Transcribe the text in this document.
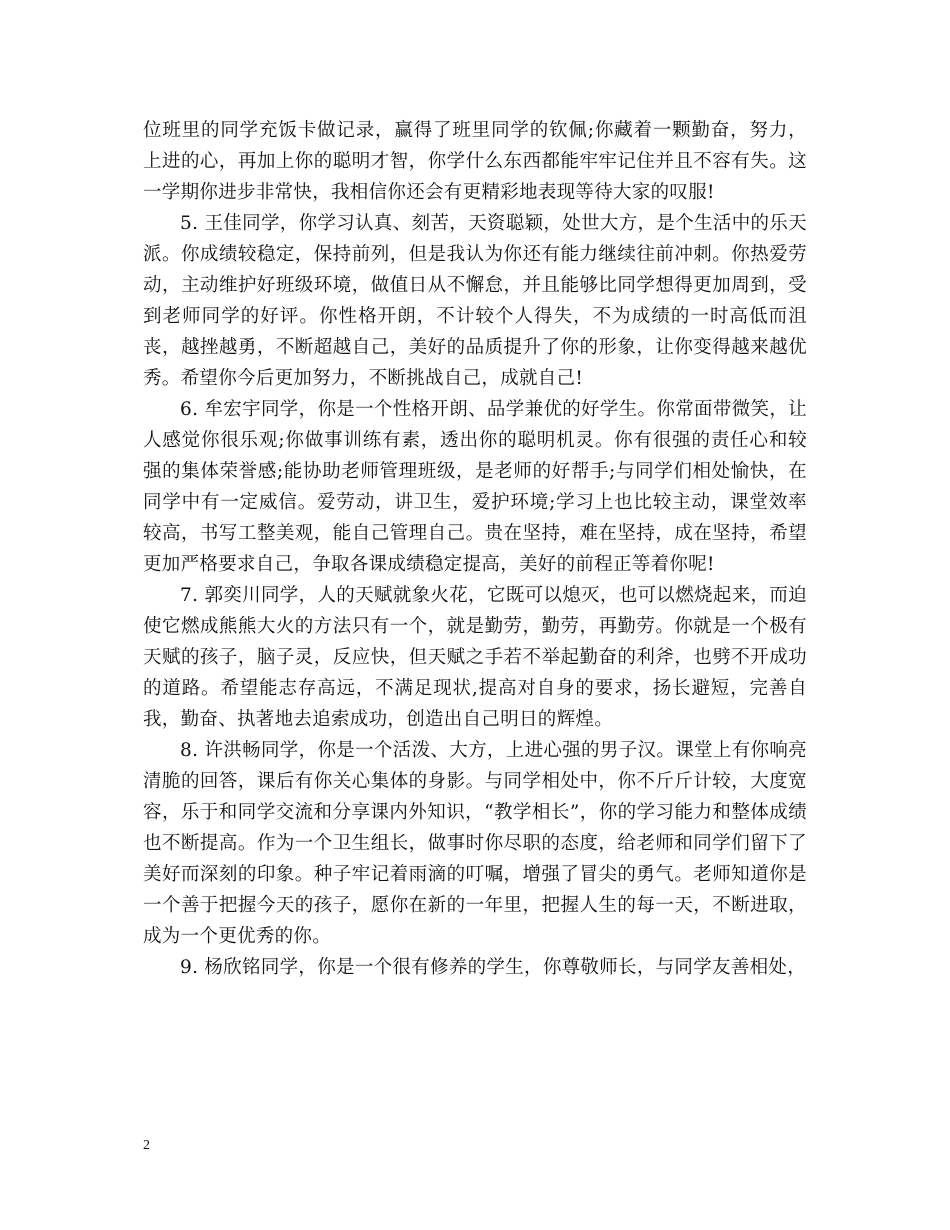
位班里的同学充饭卡做记录，赢得了班里同学的钦佩;你藏着一颗勤奋，努力，上进的心，再加上你的聪明才智，你学什么东西都能牢牢记住并且不容有失。这一学期你进步非常快，我相信你还会有更精彩地表现等待大家的叹服!

5. 王佳同学，你学习认真、刻苦，天资聪颖，处世大方，是个生活中的乐天派。你成绩较稳定，保持前列，但是我认为你还有能力继续往前冲刺。你热爱劳动，主动维护好班级环境，做值日从不懈怠，并且能够比同学想得更加周到，受到老师同学的好评。你性格开朗，不计较个人得失，不为成绩的一时高低而沮丧，越挫越勇，不断超越自己，美好的品质提升了你的形象，让你变得越来越优秀。希望你今后更加努力，不断挑战自己，成就自己!

6. 牟宏宇同学，你是一个性格开朗、品学兼优的好学生。你常面带微笑，让人感觉你很乐观;你做事训练有素，透出你的聪明机灵。你有很强的责任心和较强的集体荣誉感;能协助老师管理班级，是老师的好帮手;与同学们相处愉快，在同学中有一定威信。爱劳动，讲卫生，爱护环境;学习上也比较主动，课堂效率较高，书写工整美观，能自己管理自己。贵在坚持，难在坚持，成在坚持，希望更加严格要求自己，争取各课成绩稳定提高，美好的前程正等着你呢!

7. 郭奕川同学，人的天赋就象火花，它既可以熄灭，也可以燃烧起来，而迫使它燃成熊熊大火的方法只有一个，就是勤劳，勤劳，再勤劳。你就是一个极有天赋的孩子，脑子灵，反应快，但天赋之手若不举起勤奋的利斧，也劈不开成功的道路。希望能志存高远，不满足现状,提高对自身的要求，扬长避短，完善自我，勤奋、执著地去追索成功，创造出自己明日的辉煌。

8. 许洪畅同学，你是一个活泼、大方，上进心强的男子汉。课堂上有你响亮清脆的回答，课后有你关心集体的身影。与同学相处中，你不斤斤计较，大度宽容，乐于和同学交流和分享课内外知识，“教学相长”，你的学习能力和整体成绩也不断提高。作为一个卫生组长，做事时你尽职的态度，给老师和同学们留下了美好而深刻的印象。种子牢记着雨滴的叮嘱，增强了冒尖的勇气。老师知道你是一个善于把握今天的孩子，愿你在新的一年里，把握人生的每一天，不断进取，成为一个更优秀的你。

9. 杨欣铭同学，你是一个很有修养的学生，你尊敬师长，与同学友善相处，

2
